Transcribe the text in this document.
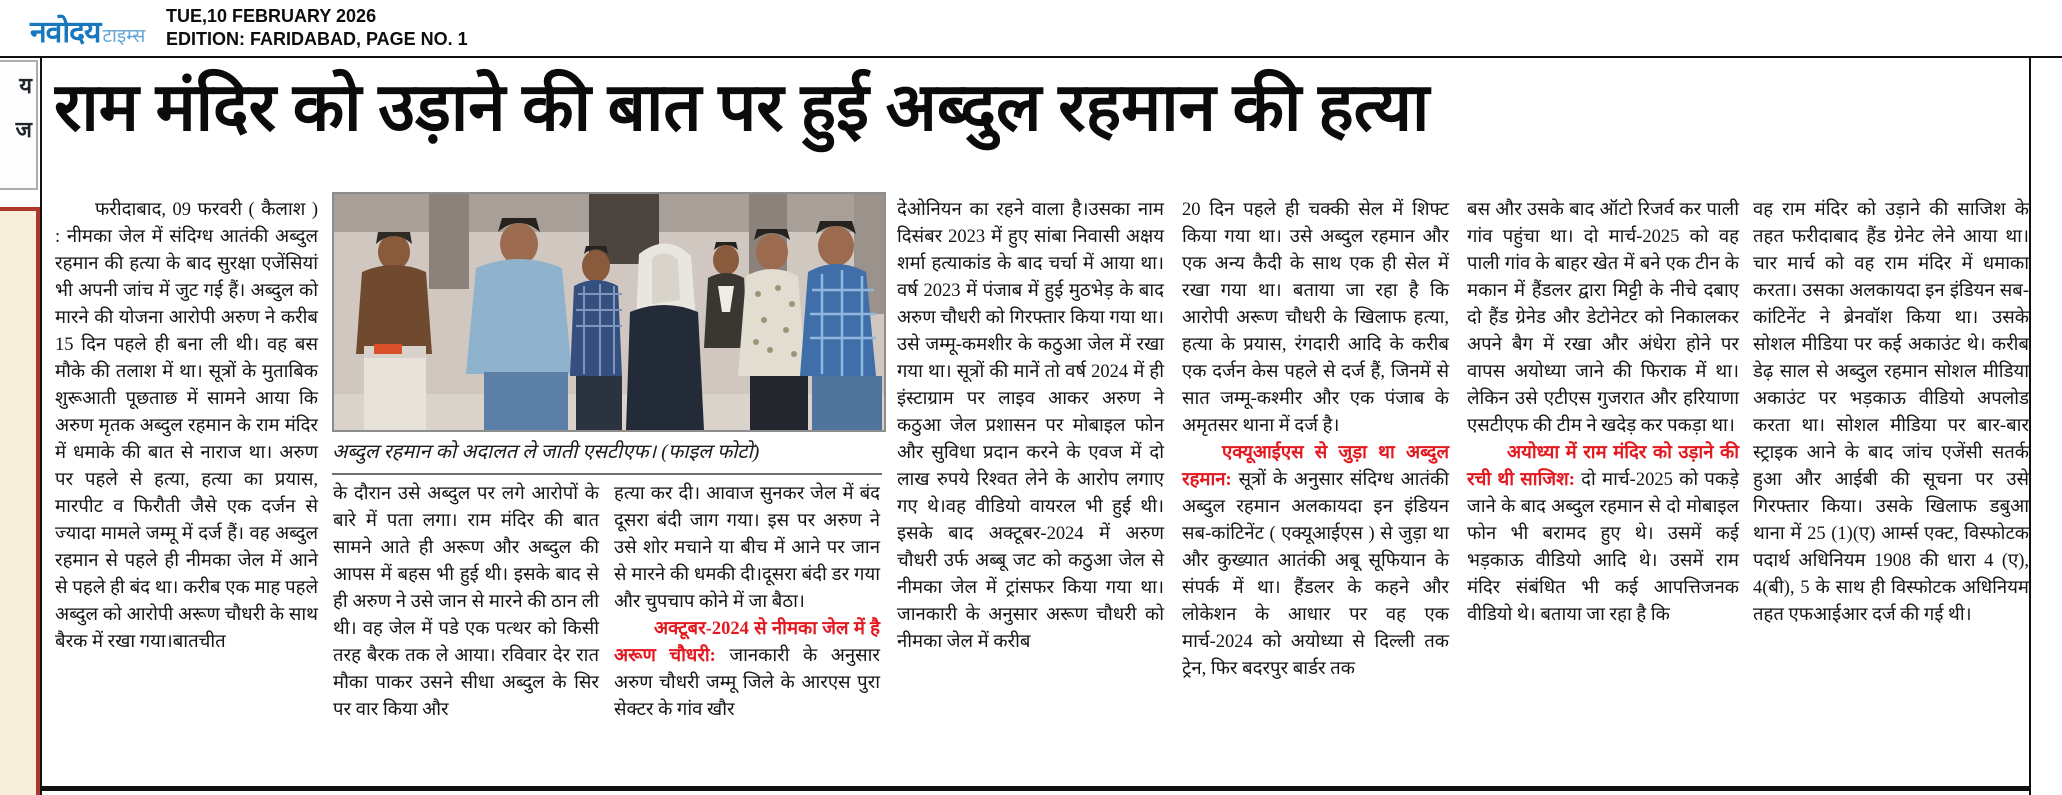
नवोदय टाइम्स
TUE,10 FEBRUARY 2026
EDITION: FARIDABAD, PAGE NO. 1
य
ज राम मंदिर को उड़ाने की बात पर हुई अब्दुल रहमान की हत्या
अब्दुल रहमान को अदालत ले जाती एसटीएफ। (फाइल फोटो)

फरीदाबाद, 09 फरवरी ( कैलाश ) : नीमका जेल में संदिग्ध आतंकी अब्दुल रहमान की हत्या के बाद सुरक्षा एजेंसियां भी अपनी जांच में जुट गई हैं। अब्दुल को मारने की योजना आरोपी अरुण ने करीब 15 दिन पहले ही बना ली थी। वह बस मौके की तलाश में था। सूत्रों के मुताबिक शुरूआती पूछताछ में सामने आया कि अरुण मृतक अब्दुल रहमान के राम मंदिर में धमाके की बात से नाराज था। अरुण पर पहले से हत्या, हत्या का प्रयास, मारपीट व फिरौती जैसे एक दर्जन से ज्यादा मामले जम्मू में दर्ज हैं। वह अब्दुल रहमान से पहले ही नीमका जेल में आने से पहले ही बंद था। करीब एक माह पहले अब्दुल को आरोपी अरूण चौधरी के साथ बैरक में रखा गया।बातचीत

के दौरान उसे अब्दुल पर लगे आरोपों के बारे में पता लगा। राम मंदिर की बात सामने आते ही अरूण और अब्दुल की आपस में बहस भी हुई थी। इसके बाद से ही अरुण ने उसे जान से मारने की ठान ली थी। वह जेल में पडे एक पत्थर को किसी तरह बैरक तक ले आया। रविवार देर रात मौका पाकर उसने सीधा अब्दुल के सिर पर वार किया और

हत्या कर दी। आवाज सुनकर जेल में बंद दूसरा बंदी जाग गया। इस पर अरुण ने उसे शोर मचाने या बीच में आने पर जान से मारने की धमकी दी।दूसरा बंदी डर गया और चुपचाप कोने में जा बैठा।

अक्टूबर-2024 से नीमका जेल में है अरूण चौधरी: जानकारी के अनुसार अरुण चौधरी जम्मू जिले के आरएस पुरा सेक्टर के गांव खौर

देओनियन का रहने वाला है।उसका नाम दिसंबर 2023 में हुए सांबा निवासी अक्षय शर्मा हत्याकांड के बाद चर्चा में आया था। वर्ष 2023 में पंजाब में हुई मुठभेड़ के बाद अरुण चौधरी को गिरफ्तार किया गया था। उसे जम्मू-कमशीर के कठुआ जेल में रखा गया था। सूत्रों की मानें तो वर्ष 2024 में ही इंस्टाग्राम पर लाइव आकर अरुण ने कठुआ जेल प्रशासन पर मोबाइल फोन और सुविधा प्रदान करने के एवज में दो लाख रुपये रिश्वत लेने के आरोप लगाए गए थे।वह वीडियो वायरल भी हुई थी। इसके बाद अक्टूबर-2024 में अरुण चौधरी उर्फ अब्बू जट को कठुआ जेल से नीमका जेल में ट्रांसफर किया गया था। जानकारी के अनुसार अरूण चौधरी को नीमका जेल में करीब

20 दिन पहले ही चक्की सेल में शिफ्ट किया गया था। उसे अब्दुल रहमान और एक अन्य कैदी के साथ एक ही सेल में रखा गया था। बताया जा रहा है कि आरोपी अरूण चौधरी के खिलाफ हत्या, हत्या के प्रयास, रंगदारी आदि के करीब एक दर्जन केस पहले से दर्ज हैं, जिनमें से सात जम्मू-कश्मीर और एक पंजाब के अमृतसर थाना में दर्ज है।

एक्यूआईएस से जुड़ा था अब्दुल रहमान: सूत्रों के अनुसार संदिग्ध आतंकी अब्दुल रहमान अलकायदा इन इंडियन सब-कांटिनेंट ( एक्यूआईएस ) से जुड़ा था और कुख्यात आतंकी अबू सूफियान के संपर्क में था। हैंडलर के कहने और लोकेशन के आधार पर वह एक मार्च-2024 को अयोध्या से दिल्ली तक ट्रेन, फिर बदरपुर बार्डर तक

बस और उसके बाद ऑटो रिजर्व कर पाली गांव पहुंचा था। दो मार्च-2025 को वह पाली गांव के बाहर खेत में बने एक टीन के मकान में हैंडलर द्वारा मिट्टी के नीचे दबाए दो हैंड ग्रेनेड और डेटोनेटर को निकालकर अपने बैग में रखा और अंधेरा होने पर वापस अयोध्या जाने की फिराक में था। लेकिन उसे एटीएस गुजरात और हरियाणा एसटीएफ की टीम ने खदेड़ कर पकड़ा था।

अयोध्या में राम मंदिर को उड़ाने की रची थी साजिश: दो मार्च-2025 को पकड़े जाने के बाद अब्दुल रहमान से दो मोबाइल फोन भी बरामद हुए थे। उसमें कई भड़काऊ वीडियो आदि थे। उसमें राम मंदिर संबंधित भी कई आपत्तिजनक वीडियो थे। बताया जा रहा है कि

वह राम मंदिर को उड़ाने की साजिश के तहत फरीदाबाद हैंड ग्रेनेट लेने आया था। चार मार्च को वह राम मंदिर में धमाका करता। उसका अलकायदा इन इंडियन सब-कांटिनेंट ने ब्रेनवॉश किया था। उसके सोशल मीडिया पर कई अकाउंट थे। करीब डेढ़ साल से अब्दुल रहमान सोशल मीडिया अकाउंट पर भड़काऊ वीडियो अपलोड करता था। सोशल मीडिया पर बार-बार स्ट्राइक आने के बाद जांच एजेंसी सतर्क हुआ और आईबी की सूचना पर उसे गिरफ्तार किया। उसके खिलाफ डबुआ थाना में 25 (1)(ए) आर्म्स एक्ट, विस्फोटक पदार्थ अधिनियम 1908 की धारा 4 (ए), 4(बी), 5 के साथ ही विस्फोटक अधिनियम तहत एफआईआर दर्ज की गई थी।
